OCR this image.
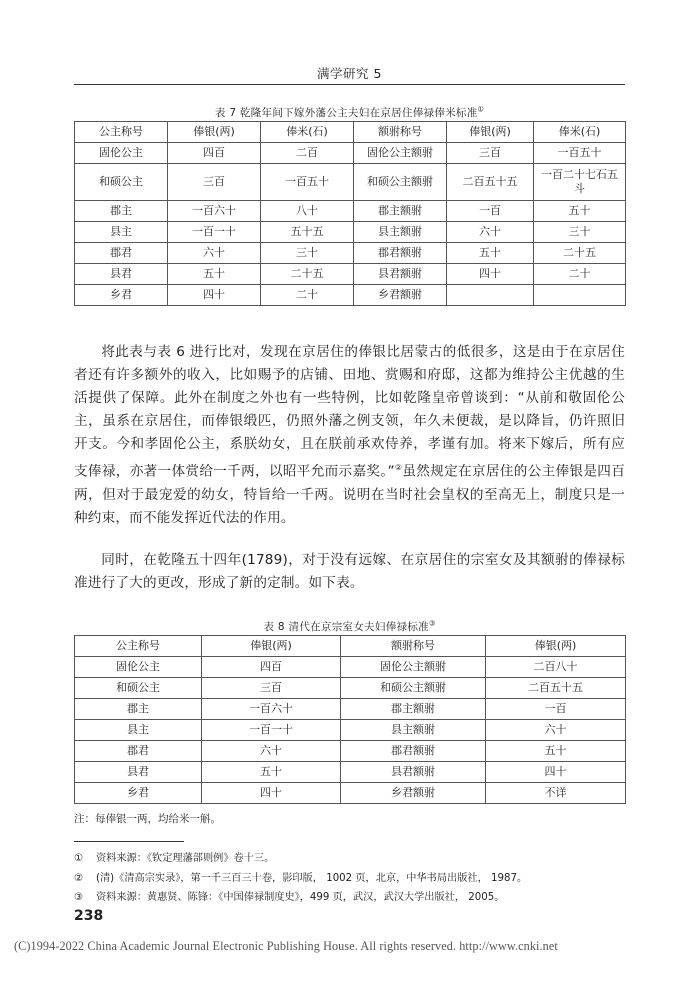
满学研究 5
表 7 乾隆年间下嫁外藩公主夫妇在京居住俸禄俸米标准①
公主称号	俸银(两)	俸米(石)	额驸称号	俸银(两)	俸米(石)
固伦公主	四百	二百	固伦公主额驸	三百	一百五十
和硕公主	三百	一百五十	和硕公主额驸	二百五十五	一百二十七石五斗
郡主	一百六十	八十	郡主额驸	一百	五十
县主	一百一十	五十五	县主额驸	六十	三十
郡君	六十	三十	郡君额驸	五十	二十五
县君	五十	二十五	县君额驸	四十	二十
乡君	四十	二十	乡君额驸		

将此表与表 6 进行比对，发现在京居住的俸银比居蒙古的低很多，这是由于在京居住者还有许多额外的收入，比如赐予的店铺、田地、赏赐和府邸，这都为维持公主优越的生活提供了保障。此外在制度之外也有一些特例，比如乾隆皇帝曾谈到：“从前和敬固伦公主，虽系在京居住，而俸银缎匹，仍照外藩之例支领，年久未便裁，是以降旨，仍许照旧开支。今和孝固伦公主，系朕幼女，且在朕前承欢侍养，孝谨有加。将来下嫁后，所有应支俸禄，亦著一体赏给一千两，以昭平允而示嘉奖。”②虽然规定在京居住的公主俸银是四百两，但对于最宠爱的幼女，特旨给一千两。说明在当时社会皇权的至高无上，制度只是一种约束，而不能发挥近代法的作用。

同时，在乾隆五十四年(1789)，对于没有远嫁、在京居住的宗室女及其额驸的俸禄标准进行了大的更改，形成了新的定制。如下表。

表 8 清代在京宗室女夫妇俸禄标准③
公主称号	俸银(两)	额驸称号	俸银(两)
固伦公主	四百	固伦公主额驸	二百八十
和硕公主	三百	和硕公主额驸	二百五十五
郡主	一百六十	郡主额驸	一百
县主	一百一十	县主额驸	六十
郡君	六十	郡君额驸	五十
县君	五十	县君额驸	四十
乡君	四十	乡君额驸	不详
注：每俸银一两，均给米一斛。
① 资料来源：《钦定理藩部则例》卷十三。
② (清)《清高宗实录》，第一千三百三十卷，影印版， 1002 页，北京，中华书局出版社， 1987。
③ 资料来源：黄惠贤、陈锋：《中国俸禄制度史》，499 页，武汉，武汉大学出版社， 2005。
238
(C)1994-2022 China Academic Journal Electronic Publishing House. All rights reserved. http://www.cnki.net
